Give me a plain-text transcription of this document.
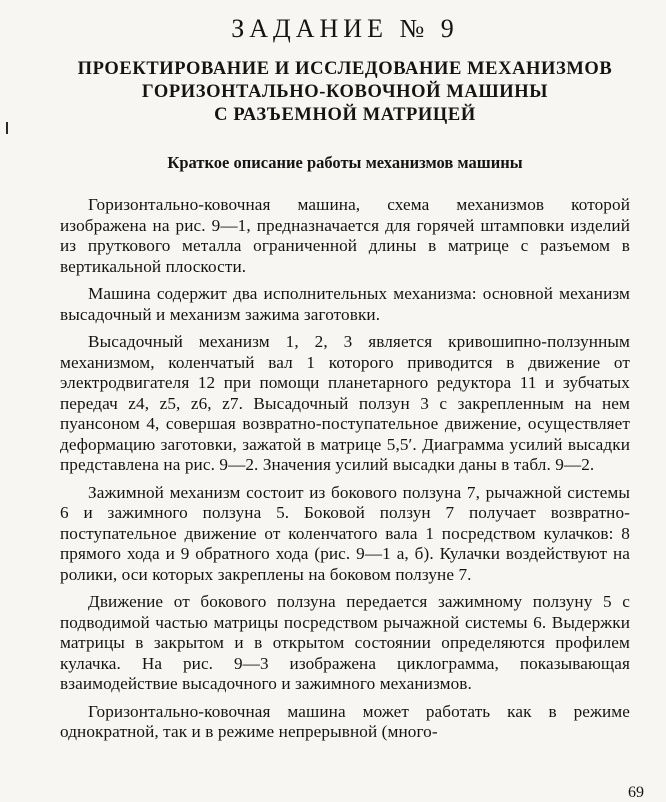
ЗАДАНИЕ № 9
ПРОЕКТИРОВАНИЕ И ИССЛЕДОВАНИЕ МЕХАНИЗМОВ
ГОРИЗОНТАЛЬНО-КОВОЧНОЙ МАШИНЫ
С РАЗЪЕМНОЙ МАТРИЦЕЙ
Краткое описание работы механизмов машины

Горизонтально-ковочная машина, схема механизмов которой изображена на рис. 9—1, предназначается для горячей штамповки изделий из пруткового металла ограниченной длины в матрице с разъемом в вертикальной плоскости.

Машина содержит два исполнительных механизма: основной механизм высадочный и механизм зажима заготовки.

Высадочный механизм 1, 2, 3 является кривошипно-ползунным механизмом, коленчатый вал 1 которого приводится в движение от электродвигателя 12 при помощи планетарного редуктора 11 и зубчатых передач z4, z5, z6, z7. Высадочный ползун 3 с закрепленным на нем пуансоном 4, совершая возвратно-поступательное движение, осуществляет деформацию заготовки, зажатой в матрице 5,5′. Диаграмма усилий высадки представлена на рис. 9—2. Значения усилий высадки даны в табл. 9—2.

Зажимной механизм состоит из бокового ползуна 7, рычажной системы 6 и зажимного ползуна 5. Боковой ползун 7 получает возвратно-поступательное движение от коленчатого вала 1 посредством кулачков: 8 прямого хода и 9 обратного хода (рис. 9—1 а, б). Кулачки воздействуют на ролики, оси которых закреплены на боковом ползуне 7.

Движение от бокового ползуна передается зажимному ползуну 5 с подводимой частью матрицы посредством рычажной системы 6. Выдержки матрицы в закрытом и в открытом состоянии определяются профилем кулачка. На рис. 9—3 изображена циклограмма, показывающая взаимодействие высадочного и зажимного механизмов.

Горизонтально-ковочная машина может работать как в режиме однократной, так и в режиме непрерывной (много-

69
